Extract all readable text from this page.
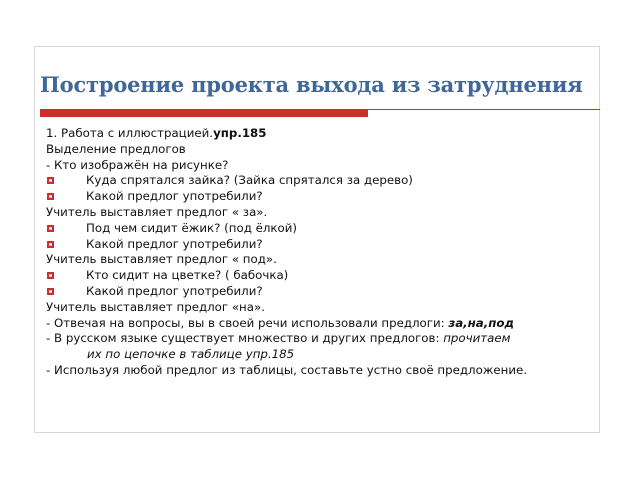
Построение проекта выхода из затруднения
1. Работа с иллюстрацией.упр.185
Выделение предлогов
- Кто изображён на рисунке?
Куда спрятался зайка? (Зайка спрятался за дерево)
Какой предлог употребили?
Учитель выставляет предлог « за».
Под чем сидит ёжик? (под ёлкой)
Какой предлог употребили?
Учитель выставляет предлог « под».
Кто сидит на цветке? ( бабочка)
Какой предлог употребили?
Учитель выставляет предлог «на».
- Отвечая на вопросы, вы в своей речи использовали предлоги: за,на,под
- В русском языке существует множество и других предлогов: прочитаем
их по цепочке в таблице упр.185
- Используя любой предлог из таблицы, составьте устно своё предложение.
